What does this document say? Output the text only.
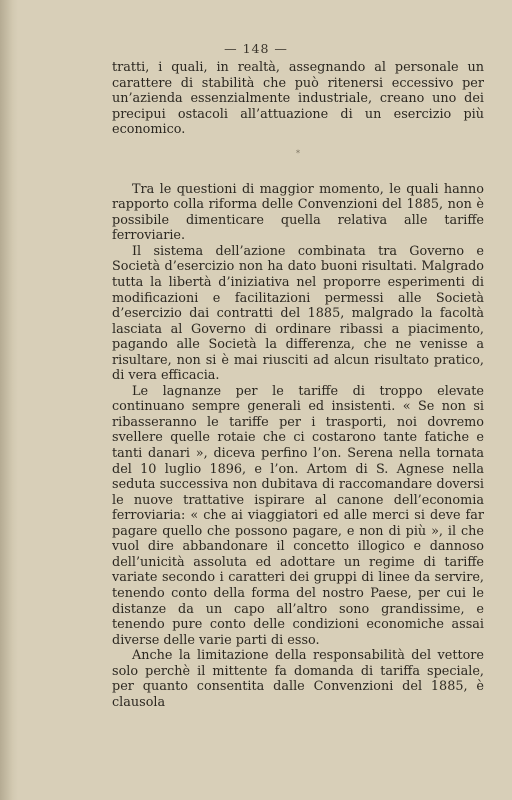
— 148 —

tratti, i quali, in realtà, assegnando al personale un carattere di stabilità che può ritenersi eccessivo per un’azienda essenzialmente industriale, creano uno dei precipui ostacoli all’attuazione di un esercizio più economico.

*

Tra le questioni di maggior momento, le quali hanno rapporto colla riforma delle Convenzioni del 1885, non è possibile dimenticare quella relativa alle tariffe ferroviarie.

Il sistema dell’azione combinata tra Governo e Società d’esercizio non ha dato buoni risultati. Malgrado tutta la libertà d’iniziativa nel proporre esperimenti di modificazioni e facilitazioni permessi alle Società d’esercizio dai contratti del 1885, malgrado la facoltà lasciata al Governo di ordinare ribassi a piacimento, pagando alle Società la differenza, che ne venisse a risultare, non si è mai riusciti ad alcun risultato pratico, di vera efficacia.

Le lagnanze per le tariffe di troppo elevate continuano sempre generali ed insistenti. « Se non si ribasseranno le tariffe per i trasporti, noi dovremo svellere quelle rotaie che ci costarono tante fatiche e tanti danari », diceva perfino l’on. Serena nella tornata del 10 luglio 1896, e l’on. Artom di S. Agnese nella seduta successiva non dubitava di raccomandare doversi le nuove trattative ispirare al canone dell’economia ferroviaria: « che ai viaggiatori ed alle merci si deve far pagare quello che possono pagare, e non di più », il che vuol dire abbandonare il concetto illogico e dannoso dell’unicità assoluta ed adottare un regime di tariffe variate secondo i caratteri dei gruppi di linee da servire, tenendo conto della forma del nostro Paese, per cui le distanze da un capo all’altro sono grandissime, e tenendo pure conto delle condizioni economiche assai diverse delle varie parti di esso.

Anche la limitazione della responsabilità del vettore solo perchè il mittente fa domanda di tariffa speciale, per quanto consentita dalle Convenzioni del 1885, è clausola
